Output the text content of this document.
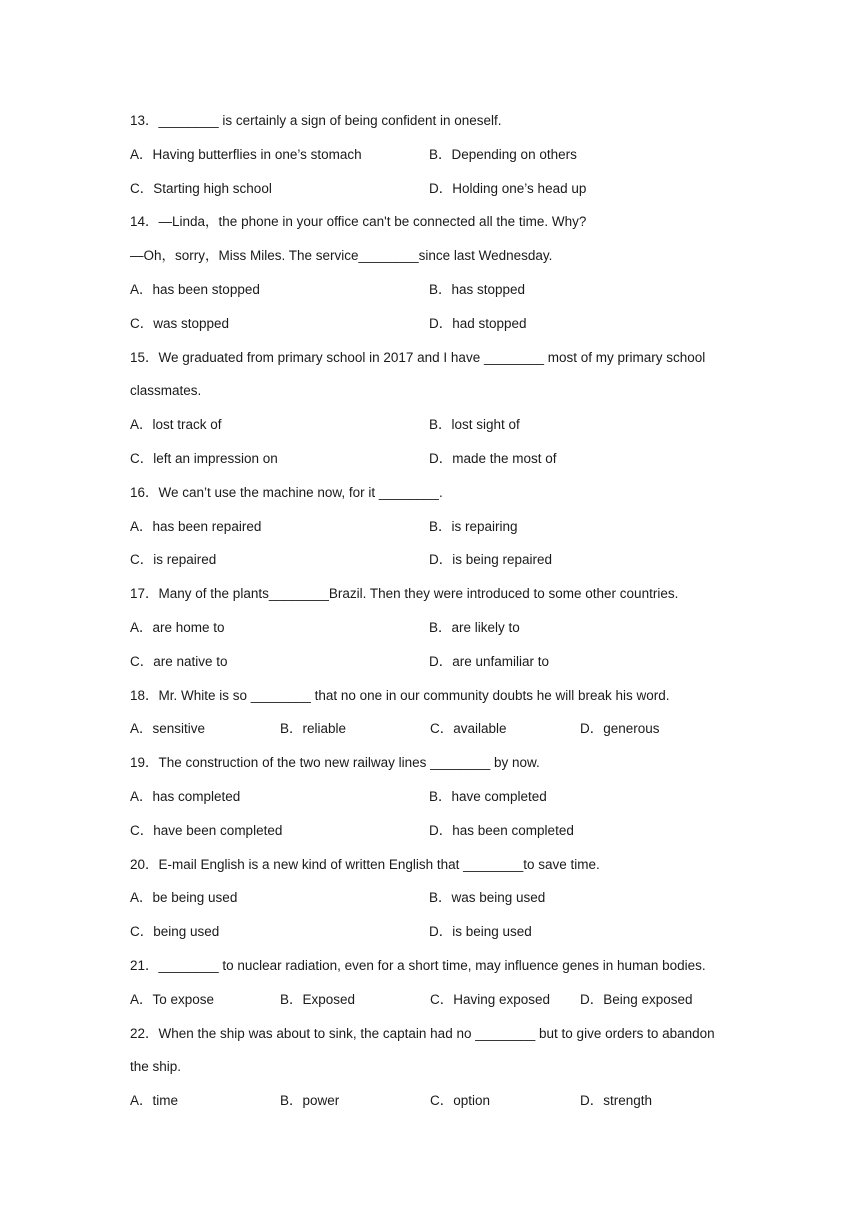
13．________ is certainly a sign of being confident in oneself.
A．Having butterflies in one’s stomach	B．Depending on others
C．Starting high school	D．Holding one’s head up
14．—Linda，the phone in your office can't be connected all the time. Why?
—Oh，sorry，Miss Miles. The service________since last Wednesday.
A．has been stopped	B．has stopped
C．was stopped	D．had stopped
15．We graduated from primary school in 2017 and I have ________ most of my primary school
classmates.
A．lost track of	B．lost sight of
C．left an impression on	D．made the most of
16．We can’t use the machine now, for it ________.
A．has been repaired	B．is repairing
C．is repaired	D．is being repaired
17．Many of the plants________Brazil. Then they were introduced to some other countries.
A．are home to	B．are likely to
C．are native to	D．are unfamiliar to
18．Mr. White is so ________ that no one in our community doubts he will break his word.
A．sensitive	B．reliable	C．available	D．generous
19．The construction of the two new railway lines ________ by now.
A．has completed	B．have completed
C．have been completed	D．has been completed
20．E-mail English is a new kind of written English that ________to save time.
A．be being used	B．was being used
C．being used	D．is being used
21．________ to nuclear radiation, even for a short time, may influence genes in human bodies.
A．To expose	B．Exposed	C．Having exposed	D．Being exposed
22．When the ship was about to sink, the captain had no ________ but to give orders to abandon
the ship.
A．time	B．power	C．option	D．strength
